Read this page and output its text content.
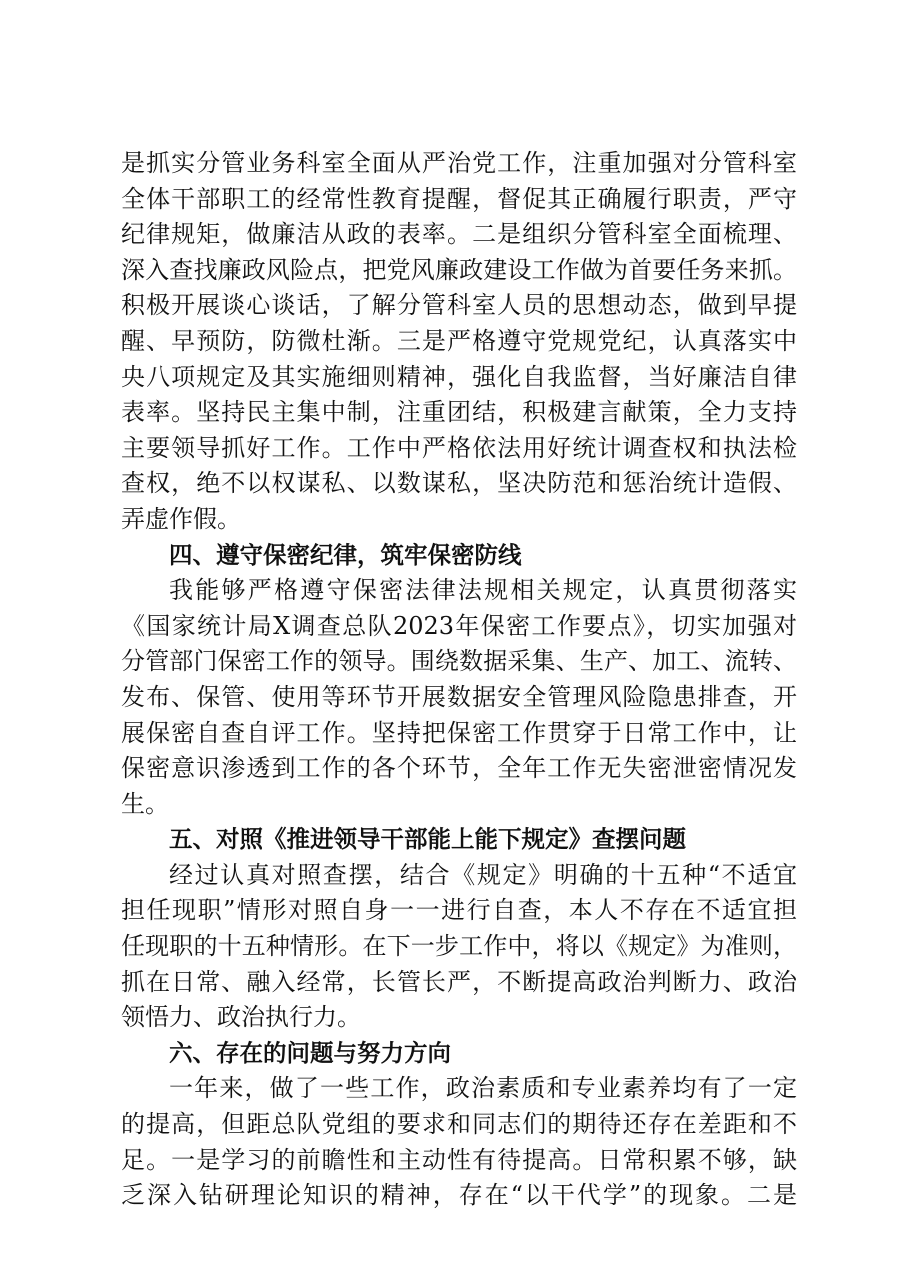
是抓实分管业务科室全面从严治党工作，注重加强对分管科室
全体干部职工的经常性教育提醒，督促其正确履行职责，严守
纪律规矩，做廉洁从政的表率。二是组织分管科室全面梳理、
深入查找廉政风险点，把党风廉政建设工作做为首要任务来抓。
积极开展谈心谈话，了解分管科室人员的思想动态，做到早提
醒、早预防，防微杜渐。三是严格遵守党规党纪，认真落实中
央八项规定及其实施细则精神，强化自我监督，当好廉洁自律
表率。坚持民主集中制，注重团结，积极建言献策，全力支持
主要领导抓好工作。工作中严格依法用好统计调查权和执法检
查权，绝不以权谋私、以数谋私，坚决防范和惩治统计造假、
弄虚作假。
四、遵守保密纪律，筑牢保密防线
我能够严格遵守保密法律法规相关规定，认真贯彻落实
《国家统计局X调查总队2023年保密工作要点》，切实加强对
分管部门保密工作的领导。围绕数据采集、生产、加工、流转、
发布、保管、使用等环节开展数据安全管理风险隐患排查，开
展保密自查自评工作。坚持把保密工作贯穿于日常工作中，让
保密意识渗透到工作的各个环节，全年工作无失密泄密情况发
生。
五、对照《推进领导干部能上能下规定》查摆问题
经过认真对照查摆，结合《规定》明确的十五种“不适宜
担任现职”情形对照自身一一进行自查，本人不存在不适宜担
任现职的十五种情形。在下一步工作中，将以《规定》为准则，
抓在日常、融入经常，长管长严，不断提高政治判断力、政治
领悟力、政治执行力。
六、存在的问题与努力方向
一年来，做了一些工作，政治素质和专业素养均有了一定
的提高，但距总队党组的要求和同志们的期待还存在差距和不
足。一是学习的前瞻性和主动性有待提高。日常积累不够，缺
乏深入钻研理论知识的精神，存在“以干代学”的现象。二是
